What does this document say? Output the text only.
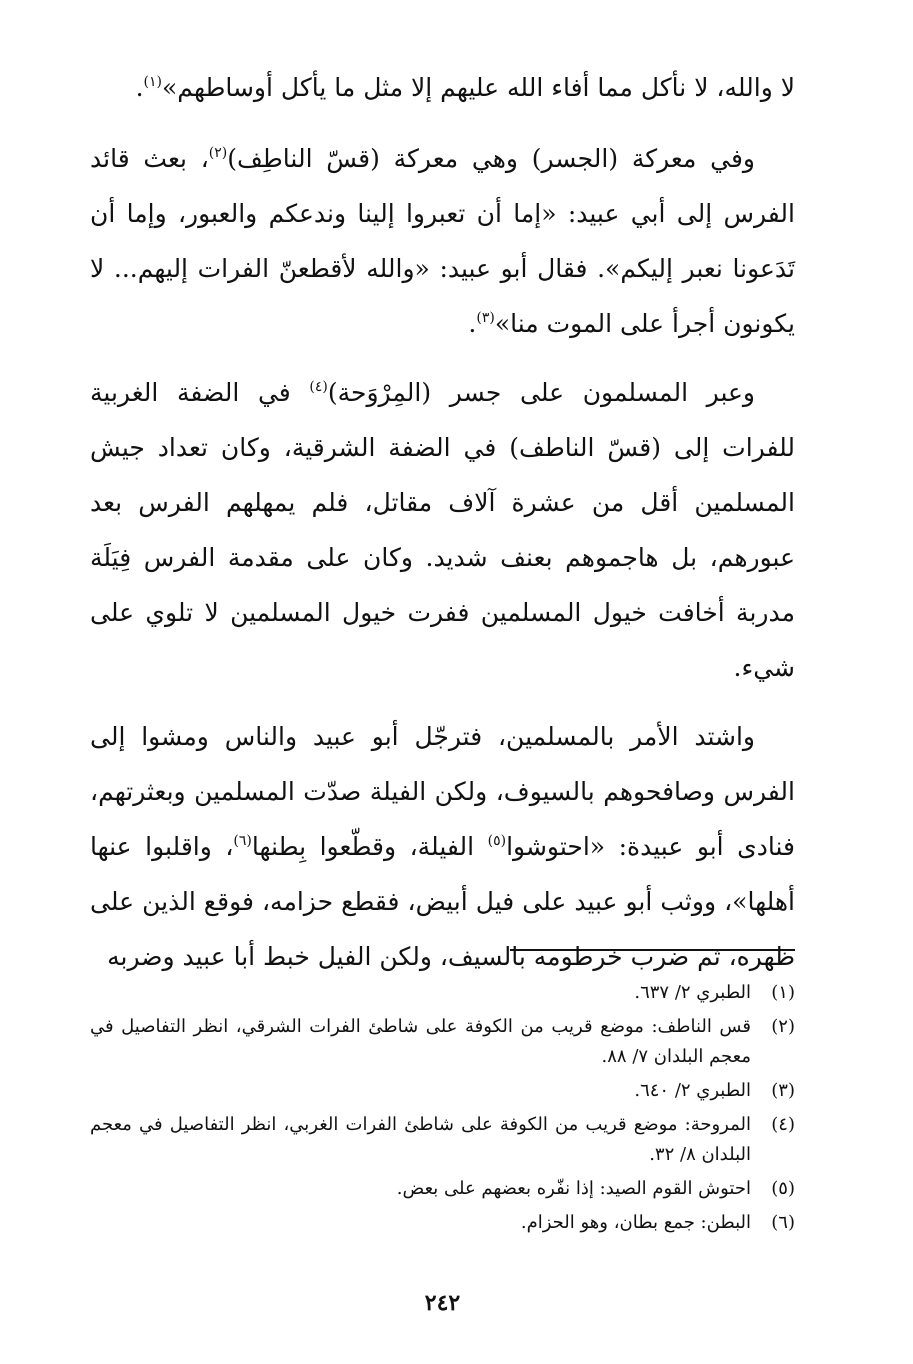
لا والله، لا نأكل مما أفاء الله عليهم إلا مثل ما يأكل أوساطهم»$^{(١)}$.

وفي معركة (الجسر) وهي معركة (قسّ الناطِف)$^{(٢)}$، بعث قائد الفرس إلى أبي عبيد: «إما أن تعبروا إلينا وندعكم والعبور، وإما أن تَدَعونا نعبر إليكم». فقال أبو عبيد: «والله لأقطعنّ الفرات إليهم... لا يكونون أجرأ على الموت منا»$^{(٣)}$.

وعبر المسلمون على جسر (المِرْوَحة)$^{(٤)}$ في الضفة الغربية للفرات إلى (قسّ الناطف) في الضفة الشرقية، وكان تعداد جيش المسلمين أقل من عشرة آلاف مقاتل، فلم يمهلهم الفرس بعد عبورهم، بل هاجموهم بعنف شديد. وكان على مقدمة الفرس فِيَلَة مدربة أخافت خيول المسلمين ففرت خيول المسلمين لا تلوي على شيء.

واشتد الأمر بالمسلمين، فترجّل أبو عبيد والناس ومشوا إلى الفرس وصافحوهم بالسيوف، ولكن الفيلة صدّت المسلمين وبعثرتهم، فنادى أبو عبيدة: «احتوشوا$^{(٥)}$ الفيلة، وقطّعوا بِطنها$^{(٦)}$، واقلبوا عنها أهلها»، ووثب أبو عبيد على فيل أبيض، فقطع حزامه، فوقع الذين على ظهره، ثم ضرب خرطومه بالسيف، ولكن الفيل خبط أبا عبيد وضربه

(١)
الطبري ٢/ ٦٣٧.
(٢)
قس الناطف: موضع قريب من الكوفة على شاطئ الفرات الشرقي، انظر التفاصيل في معجم البلدان ٧/ ٨٨.
(٣)
الطبري ٢/ ٦٤٠.
(٤)
المروحة: موضع قريب من الكوفة على شاطئ الفرات الغربي، انظر التفاصيل في معجم البلدان ٨/ ٣٢.
(٥)
احتوش القوم الصيد: إذا نفّره بعضهم على بعض.
(٦)
البطن: جمع بطان، وهو الحزام.
٢٤٢
